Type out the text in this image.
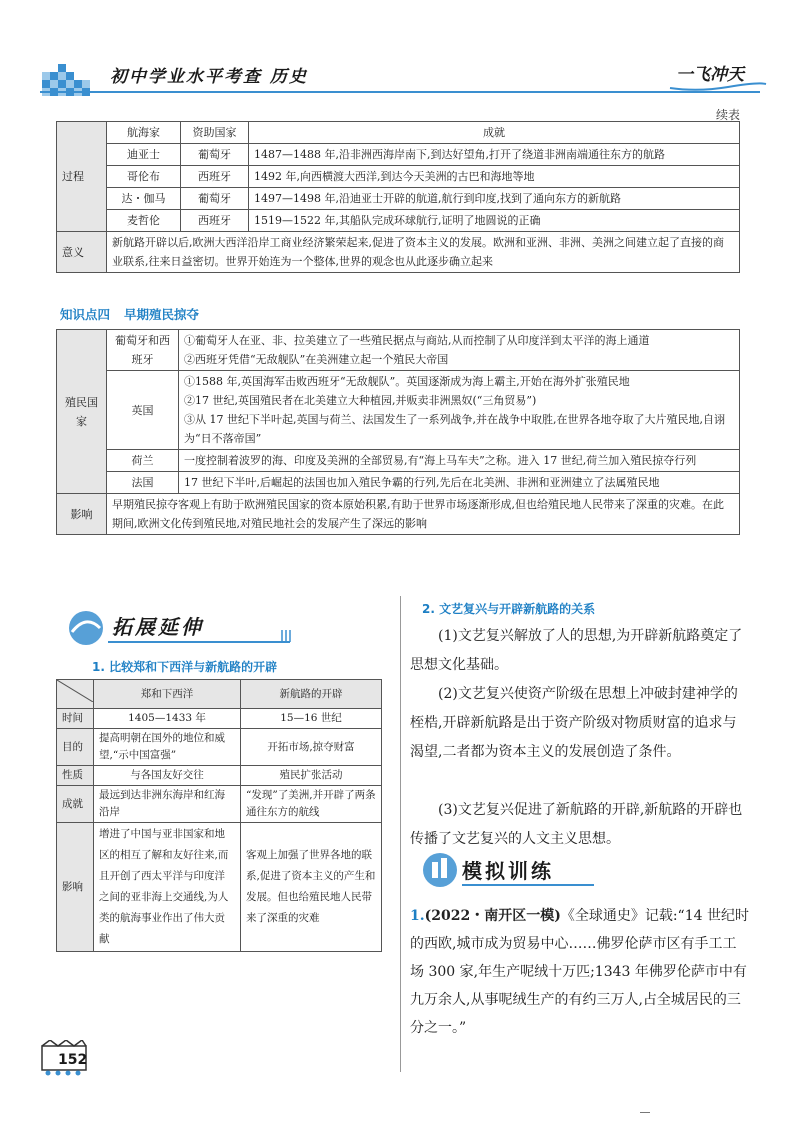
初中学业水平考查 历史	一飞冲天
续表
过程	航海家	资助国家	成就
	迪亚士	葡萄牙	1487—1488 年,沿非洲西海岸南下,到达好望角,打开了绕道非洲南端通往东方的航路
	哥伦布	西班牙	1492 年,向西横渡大西洋,到达今天美洲的古巴和海地等地
	达・伽马	葡萄牙	1497—1498 年,沿迪亚士开辟的航道,航行到印度,找到了通向东方的新航路
	麦哲伦	西班牙	1519—1522 年,其船队完成环球航行,证明了地圆说的正确
意义	新航路开辟以后,欧洲大西洋沿岸工商业经济繁荣起来,促进了资本主义的发展。欧洲和亚洲、非洲、美洲之间建立起了直接的商业联系,往来日益密切。世界开始连为一个整体,世界的观念也从此逐步确立起来		
知识点四 早期殖民掠夺
殖民国家	葡萄牙和西班牙	①葡萄牙人在亚、非、拉美建立了一些殖民据点与商站,从而控制了从印度洋到太平洋的海上通道
②西班牙凭借“无敌舰队”在美洲建立起一个殖民大帝国

	英国	①1588 年,英国海军击败西班牙“无敌舰队”。英国逐渐成为海上霸主,开始在海外扩张殖民地
②17 世纪,英国殖民者在北美建立大种植园,并贩卖非洲黑奴(“三角贸易”)
③从 17 世纪下半叶起,英国与荷兰、法国发生了一系列战争,并在战争中取胜,在世界各地夺取了大片殖民地,自诩为“日不落帝国”

	荷兰	一度控制着波罗的海、印度及美洲的全部贸易,有“海上马车夫”之称。进入 17 世纪,荷兰加入殖民掠夺行列

	法国	17 世纪下半叶,后崛起的法国也加入殖民争霸的行列,先后在北美洲、非洲和亚洲建立了法属殖民地

影响	早期殖民掠夺客观上有助于欧洲殖民国家的资本原始积累,有助于世界市场逐渐形成,但也给殖民地人民带来了深重的灾难。在此期间,欧洲文化传到殖民地,对殖民地社会的发展产生了深远的影响	
拓展延伸
1. 比较郑和下西洋与新航路的开辟
	郑和下西洋	新航路的开辟
时间	1405—1433 年	15—16 世纪
目的	提高明朝在国外的地位和威望,“示中国富强”	开拓市场,掠夺财富
性质	与各国友好交往	殖民扩张活动
成就	最远到达非洲东海岸和红海沿岸	“发现”了美洲,并开辟了两条通往东方的航线
影响	增进了中国与亚非国家和地区的相互了解和友好往来,而且开创了西太平洋与印度洋之间的亚非海上交通线,为人类的航海事业作出了伟大贡献	客观上加强了世界各地的联系,促进了资本主义的产生和发展。但也给殖民地人民带来了深重的灾难
2. 文艺复兴与开辟新航路的关系
(1)文艺复兴解放了人的思想,为开辟新航路奠定了思想文化基础。
(2)文艺复兴使资产阶级在思想上冲破封建神学的桎梏,开辟新航路是出于资产阶级对物质财富的追求与渴望,二者都为资本主义的发展创造了条件。
(3)文艺复兴促进了新航路的开辟,新航路的开辟也传播了文艺复兴的人文主义思想。
模拟训练
1.(2022・南开区一模)《全球通史》记载:“14 世纪时的西欧,城市成为贸易中心……佛罗伦萨市区有手工工场 300 家,年生产呢绒十万匹;1343 年佛罗伦萨市中有九万余人,从事呢绒生产的有约三万人,占全城居民的三分之一。”
152
